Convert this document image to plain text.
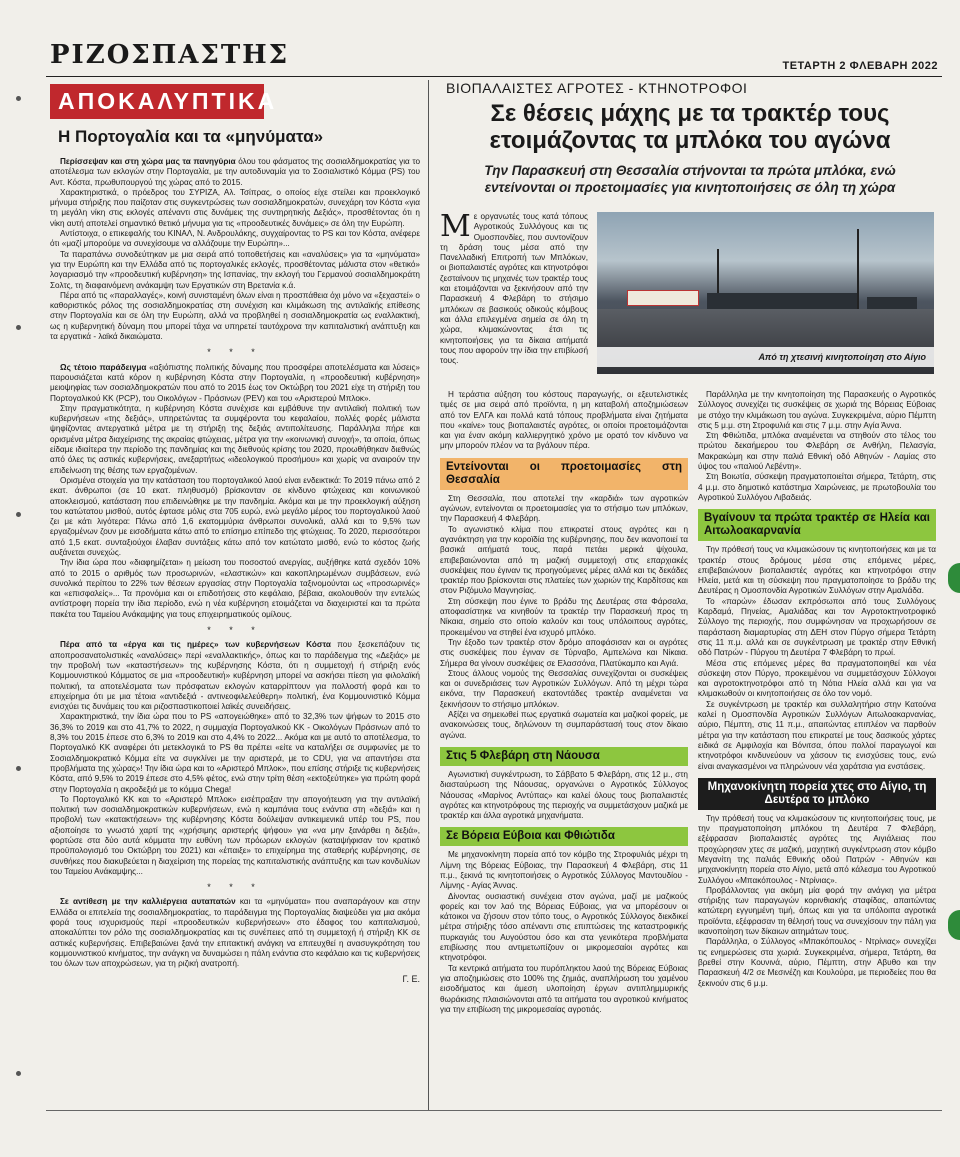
ΡΙΖΟΣΠΑΣΤΗΣ	ΤΕΤΑΡΤΗ 2 ΦΛΕΒΑΡΗ 2022
ΑΠΟΚΑΛΥΠΤΙΚΑ
Η Πορτογαλία και τα «μηνύματα»

Περίσσεψαν και στη χώρα μας τα πανηγύρια όλου του φάσματος της σοσιαλδημοκρατίας για το αποτέλεσμα των εκλογών στην Πορτογαλία, με την αυτοδυναμία για το Σοσιαλιστικό Κόμμα (PS) του Αντ. Κόστα, πρωθυπουργού της χώρας από το 2015.

Χαρακτηριστικά, ο πρόεδρος του ΣΥΡΙΖΑ, Αλ. Τσίπρας, ο οποίος είχε στείλει και προεκλογικό μήνυμα στήριξης που παίζοταν στις συγκεντρώσεις των σοσιαλδημοκρατών, συνεχάρη τον Κόστα «για τη μεγάλη νίκη στις εκλογές απέναντι στις δυνάμεις της συντηρητικής Δεξιάς», προσθέτοντας ότι η νίκη αυτή αποτελεί σημαντικό θετικό μήνυμα για τις «προοδευτικές δυνάμεις» σε όλη την Ευρώπη.

Αντίστοιχα, ο επικεφαλής του ΚΙΝΑΛ, Ν. Ανδρουλάκης, συγχαίροντας το PS και τον Κόστα, ανέφερε ότι «μαζί μπορούμε να συνεχίσουμε να αλλάζουμε την Ευρώπη»...

Τα παραπάνω συνοδεύτηκαν με μια σειρά από τοποθετήσεις και «αναλύσεις» για τα «μηνύματα» για την Ευρώπη και την Ελλάδα από τις πορτογαλικές εκλογές, προσθέτοντας μάλιστα στον «θετικό» λογαριασμό την «προοδευτική κυβέρνηση» της Ισπανίας, την εκλογή του Γερμανού σοσιαλδημοκράτη Σολτς, τη διαφαινόμενη ανάκαμψη των Εργατικών στη Βρετανία κ.ά.

Πέρα από τις «παραλλαγές», κοινή συνισταμένη όλων είναι η προσπάθεια όχι μόνο να «ξεχαστεί» ο καθοριστικός ρόλος της σοσιαλδημοκρατίας στη συνέχιση και κλιμάκωση της αντιλαϊκής επίθεσης στην Πορτογαλία και σε όλη την Ευρώπη, αλλά να προβληθεί η σοσιαλδημοκρατία ως εναλλακτική, ως η κυβερνητική δύναμη που μπορεί τάχα να υπηρετεί ταυτόχρονα την καπιταλιστική ανάπτυξη και τα εργατικά - λαϊκά δικαιώματα.

* * *

Ως τέτοιο παράδειγμα «αξιόπιστης πολιτικής δύναμης που προσφέρει αποτελέσματα και λύσεις» παρουσιάζεται κατά κόρον η κυβέρνηση Κόστα στην Πορτογαλία, η «προοδευτική κυβέρνηση» μειοψηφίας των σοσιαλδημοκρατών που από το 2015 έως τον Οκτώβρη του 2021 είχε τη στήριξη του Πορτογαλικού ΚΚ (PCP), του Οικολόγων - Πράσινων (PEV) και του «Αριστερού Μπλοκ».

Στην πραγματικότητα, η κυβέρνηση Κόστα συνέχισε και εμβάθυνε την αντιλαϊκή πολιτική των κυβερνήσεων «της δεξιάς», υπηρετώντας τα συμφέροντα του κεφαλαίου, πολλές φορές μάλιστα ψηφίζοντας αντεργατικά μέτρα με τη στήριξη της δεξιάς αντιπολίτευσης. Παράλληλα πήρε και ορισμένα μέτρα διαχείρισης της ακραίας φτώχειας, μέτρα για την «κοινωνική συνοχή», τα οποία, όπως είδαμε ιδιαίτερα την περίοδο της πανδημίας και της διεθνούς κρίσης του 2020, προωθήθηκαν διεθνώς από όλες τις αστικές κυβερνήσεις, ανεξαρτήτως «ιδεολογικού προσήμου» και χωρίς να αναιρούν την επιδείνωση της θέσης των εργαζομένων.

Ορισμένα στοιχεία για την κατάσταση του πορτογαλικού λαού είναι ενδεικτικά: Το 2019 πάνω από 2 εκατ. άνθρωποι (σε 10 εκατ. πληθυσμό) βρίσκονταν σε κίνδυνο φτώχειας και κοινωνικού αποκλεισμού, κατάσταση που επιδεινώθηκε με την πανδημία. Ακόμα και με την προεκλογική αύξηση του κατώτατου μισθού, αυτός έφτασε μόλις στα 705 ευρώ, ενώ μεγάλο μέρος του πορτογαλικού λαού ζει με κάτι λιγότερα: Πάνω από 1,6 εκατομμύρια άνθρωποι συνολικά, αλλά και το 9,5% των εργαζομένων ζουν με εισοδήματα κάτω από το επίσημο επίπεδο της φτώχειας. Το 2020, περισσότεροι από 1,5 εκατ. συνταξιούχοι έλαβαν συντάξεις κάτω από τον κατώτατο μισθό, ενώ το κόστος ζωής αυξάνεται συνεχώς.

Την ίδια ώρα που «διαφημίζεται» η μείωση του ποσοστού ανεργίας, αυξήθηκε κατά σχεδόν 10% από το 2015 ο αριθμός των προσωρινών, «ελαστικών» και κακοπληρωμένων συμβάσεων, ενώ συνολικά περίπου το 22% των θέσεων εργασίας στην Πορτογαλία ταξινομούνται ως «προσωρινές» και «επισφαλείς»... Τα προνόμια και οι επιδοτήσεις στο κεφάλαιο, βέβαια, ακολουθούν την εντελώς αντίστροφη πορεία την ίδια περίοδο, ενώ η νέα κυβέρνηση ετοιμάζεται να διαχειριστεί και τα πρώτα πακέτα του Ταμείου Ανάκαμψης για τους επιχειρηματικούς ομίλους.

* * *

Πέρα από τα «έργα και τις ημέρες» των κυβερνήσεων Κόστα που ξεσκεπάζουν τις αποπροσανατολιστικές «αναλύσεις» περί «εναλλακτικής», όπως και το παράδειγμα της «Δεξιάς» με την προβολή των «καταστήσεων» της κυβέρνησης Κόστα, ότι η συμμετοχή ή στήριξη ενός Κομμουνιστικού Κόμματος σε μια «προοδευτική» κυβέρνηση μπορεί να ασκήσει πίεση για φιλολαϊκή πολιτική, τα αποτελέσματα των πρόσφατων εκλογών καταρρίπτουν για πολλοστή φορά και το επιχείρημα ότι με μια τέτοια «αντιδεξιά - αντινεοφιλελεύθερη» πολιτική, ένα Κομμουνιστικό Κόμμα ενισχύει τις δυνάμεις του και ριζοσπαστικοποιεί λαϊκές συνειδήσεις.

Χαρακτηριστικά, την ίδια ώρα που το PS «απογειώθηκε» από το 32,3% των ψήφων το 2015 στο 36,3% το 2019 και στο 41,7% το 2022, η συμμαχία Πορτογαλικού ΚΚ - Οικολόγων Πράσινων από το 8,3% του 2015 έπεσε στο 6,3% το 2019 και στο 4,4% το 2022... Ακόμα και με αυτό το αποτέλεσμα, το Πορτογαλικό ΚΚ αναφέρει ότι μετεκλογικά το PS θα πρέπει «είτε να καταλήξει σε συμφωνίες με το Σοσιαλδημοκρατικό Κόμμα είτε να συγκλίνει με την αριστερά, με το CDU, για να απαντήσει στα προβλήματα της χώρας»! Την ίδια ώρα και το «Αριστερό Μπλοκ», που επίσης στήριξε τις κυβερνήσεις Κόστα, από 9,5% το 2019 έπεσε στο 4,5% φέτος, ενώ στην τρίτη θέση «εκτοξεύτηκε» για πρώτη φορά στην Πορτογαλία η ακροδεξιά με το κόμμα Chega!

Το Πορτογαλικό ΚΚ και το «Αριστερό Μπλοκ» εισέπραξαν την απογοήτευση για την αντιλαϊκή πολιτική των σοσιαλδημοκρατικών κυβερνήσεων, ενώ η καμπάνια τους ενάντια στη «δεξιά» και η προβολή των «κατακτήσεων» της κυβέρνησης Κόστα δούλεψαν αντικειμενικά υπέρ του PS, που αξιοποίησε το γνωστό χαρτί της «χρήσιμης αριστερής ψήφου» για «να μην ξανάρθει η δεξιά», φορτώσε στα δύο αυτά κόμματα την ευθύνη των πρόωρων εκλογών (καταψήφισαν τον κρατικό προϋπολογισμό του Οκτώβρη του 2021) και «έπαιξε» το επιχείρημα της σταθερής κυβέρνησης, σε συνθήκες που διακυβεύεται η διαχείριση της πορείας της καπιταλιστικής ανάπτυξης και των κονδυλίων του Ταμείου Ανάκαμψης...

* * *

Σε αντίθεση με την καλλιέργεια αυταπατών και τα «μηνύματα» που αναπαράγουν και στην Ελλάδα οι επιτελεία της σοσιαλδημοκρατίας, το παράδειγμα της Πορτογαλίας διαψεύδει για μια ακόμα φορά τους ισχυρισμούς περί «προοδευτικών κυβερνήσεων» στο έδαφος του καπιταλισμού, αποκαλύπτει τον ρόλο της σοσιαλδημοκρατίας και τις συνέπειες από τη συμμετοχή ή στήριξη ΚΚ σε αστικές κυβερνήσεις. Επιβεβαιώνει ξανά την επιτακτική ανάγκη να επιτευχθεί η ανασυγκρότηση του κομμουνιστικού κινήματος, την ανάγκη να δυναμώσει η πάλη ενάντια στο κεφάλαιο και τις κυβερνήσεις του όλων των αποχρώσεων, για τη ριζική ανατροπή.

Γ. Ε.
ΒΙΟΠΑΛΑΙΣΤΕΣ ΑΓΡΟΤΕΣ - ΚΤΗΝΟΤΡΟΦΟΙ
Σε θέσεις μάχης με τα τρακτέρ τους ετοιμάζοντας τα μπλόκα του αγώνα
Την Παρασκευή στη Θεσσαλία στήνονται τα πρώτα μπλόκα, ενώ εντείνονται οι προετοιμασίες για κινητοποιήσεις σε όλη τη χώρα
Από τη χτεσινή κινητοποίηση στο Αίγιο
Μ ε οργανωτές τους κατά τόπους Αγροτικούς Συλλόγους και τις Ομοσπονδίες, που συντονίζουν τη δράση τους μέσα από την Πανελλαδική Επιτροπή των Μπλόκων, οι βιοπαλαιστές αγρότες και κτηνοτρόφοι ζεσταίνουν τις μηχανές των τρακτέρ τους και ετοιμάζονται να ξεκινήσουν από την Παρασκευή 4 Φλεβάρη το στήσιμο μπλόκων σε βασικούς οδικούς κόμβους και άλλα επιλεγμένα σημεία σε όλη τη χώρα, κλιμακώνοντας έτσι τις κινητοποιήσεις για τα δίκαια αιτήματά τους που αφορούν την ίδια την επιβίωσή τους.

Η τεράστια αύξηση του κόστους παραγωγής, οι εξευτελιστικές τιμές σε μια σειρά από προϊόντα, η μη καταβολή αποζημιώσεων από τον ΕΛΓΑ και πολλά κατά τόπους προβλήματα είναι ζητήματα που «καίνε» τους βιοπαλαιστές αγρότες, οι οποίοι προετοιμάζονται και για έναν ακόμη καλλιεργητικό χρόνο με ορατό τον κίνδυνο να μην μπορούν πλέον να τα βγάλουν πέρα.

Εντείνονται οι προετοιμασίες στη Θεσσαλία

Στη Θεσσαλία, που αποτελεί την «καρδιά» των αγροτικών αγώνων, εντείνονται οι προετοιμασίες για το στήσιμο των μπλόκων, την Παρασκευή 4 Φλεβάρη.

Το αγωνιστικό κλίμα που επικρατεί στους αγρότες και η αγανάκτηση για την κοροϊδία της κυβέρνησης, που δεν ικανοποιεί τα βασικά αιτήματά τους, παρά πετάει μερικά ψίχουλα, επιβεβαιώνονται από τη μαζική συμμετοχή στις επαρχιακές συσκέψεις που έγιναν τις προηγούμενες μέρες αλλά και τις δεκάδες τρακτέρ που βρίσκονται στις πλατείες των χωριών της Καρδίτσας και στον Ριζόμυλο Μαγνησίας.

Στη σύσκεψη που έγινε το βράδυ της Δευτέρας στα Φάρσαλα, αποφασίστηκε να κινηθούν τα τρακτέρ την Παρασκευή προς τη Νίκαια, σημείο στο οποίο καλούν και τους υπόλοιπους αγρότες, προκειμένου να στηθεί ένα ισχυρό μπλόκο.

Την έξοδο των τρακτέρ στον δρόμο αποφάσισαν και οι αγρότες στις συσκέψεις που έγιναν σε Τύρναβο, Αμπελώνα και Νίκαια. Σήμερα θα γίνουν συσκέψεις σε Ελασσόνα, Πλατύκαμπο και Αγιά.

Στους άλλους νομούς της Θεσσαλίας συνεχίζονται οι συσκέψεις και οι συνεδριάσεις των Αγροτικών Συλλόγων. Από τη μέχρι τώρα εικόνα, την Παρασκευή εκατοντάδες τρακτέρ αναμένεται να ξεκινήσουν το στήσιμο μπλόκων.

Αξίζει να σημειωθεί πως εργατικά σωματεία και μαζικοί φορείς, με ανακοινώσεις τους, δηλώνουν τη συμπαράστασή τους στον δίκαιο αγώνα.

Στις 5 Φλεβάρη στη Νάουσα

Αγωνιστική συγκέντρωση, το Σάββατο 5 Φλεβάρη, στις 12 μ., στη διασταύρωση της Νάουσας, οργανώνει ο Αγροτικός Σύλλογος Νάουσας «Μαρίνος Αντύπας» και καλεί όλους τους βιοπαλαιστές αγρότες και κτηνοτρόφους της περιοχής να συμμετάσχουν μαζικά με τρακτέρ και άλλα αγροτικά μηχανήματα.

Σε Βόρεια Εύβοια και Φθιώτιδα

Με μηχανοκίνητη πορεία από τον κόμβο της Στροφυλιάς μέχρι τη Λίμνη της Βόρειας Εύβοιας, την Παρασκευή 4 Φλεβάρη, στις 11 π.μ., ξεκινά τις κινητοποιήσεις ο Αγροτικός Σύλλογος Μαντουδίου - Λίμνης - Αγίας Άννας.

Δίνοντας ουσιαστική συνέχεια στον αγώνα, μαζί με μαζικούς φορείς και τον λαό της Βόρειας Εύβοιας, για να μπορέσουν οι κάτοικοι να ζήσουν στον τόπο τους, ο Αγροτικός Σύλλογος διεκδικεί μέτρα στήριξης τόσο απέναντι στις επιπτώσεις της καταστροφικής πυρκαγιάς του Αυγούστου όσο και στα γενικότερα προβλήματα επιβίωσης που αντιμετωπίζουν οι μικρομεσαίοι αγρότες και κτηνοτρόφοι.

Τα κεντρικά αιτήματα του πυρόπληκτου λαού της Βόρειας Εύβοιας για αποζημιώσεις στο 100% της ζημιάς, αναπλήρωση του χαμένου εισοδήματος και άμεση υλοποίηση έργων αντιπλημμυρικής θωράκισης πλαισιώνονται από τα αιτήματα του αγροτικού κινήματος για την επιβίωση της μικρομεσαίας αγροτιάς.

Παράλληλα με την κινητοποίηση της Παρασκευής ο Αγροτικός Σύλλογος συνεχίζει τις συσκέψεις σε χωριά της Βόρειας Εύβοιας με στόχο την κλιμάκωση του αγώνα. Συγκεκριμένα, αύριο Πέμπτη στις 5 μ.μ. στη Στροφυλιά και στις 7 μ.μ. στην Αγία Άννα.

Στη Φθιώτιδα, μπλόκα αναμένεται να στηθούν στο τέλος του πρώτου δεκαήμερου του Φλεβάρη σε Ανθήλη, Πελασγία, Μακρακώμη και στην παλιά Εθνική οδό Αθηνών - Λαμίας στο ύψος του «παλιού Λεβέντη».

Στη Βοιωτία, σύσκεψη πραγματοποιείται σήμερα, Τετάρτη, στις 4 μ.μ. στο δημοτικό κατάστημα Χαιρώνειας, με πρωτοβουλία του Αγροτικού Συλλόγου Λιβαδειάς.

Βγαίνουν τα πρώτα τρακτέρ σε Ηλεία και Αιτωλοακαρνανία

Την πρόθεσή τους να κλιμακώσουν τις κινητοποιήσεις και με τα τρακτέρ στους δρόμους μέσα στις επόμενες μέρες, επιβεβαιώνουν βιοπαλαιστές αγρότες και κτηνοτρόφοι στην Ηλεία, μετά και τη σύσκεψη που πραγματοποίησε το βράδυ της Δευτέρας η Ομοσπονδία Αγροτικών Συλλόγων στην Αμαλιάδα.

Το «παρών» έδωσαν εκπρόσωποι από τους Συλλόγους Καρδαμά, Πηνείας, Αμαλιάδας και τον Αγροτοκτηνοτροφικό Σύλλογο της περιοχής, που συμφώνησαν να προχωρήσουν σε παράσταση διαμαρτυρίας στη ΔΕΗ στον Πύργο σήμερα Τετάρτη στις 11 π.μ. αλλά και σε συγκέντρωση με τρακτέρ στην Εθνική οδό Πατρών - Πύργου τη Δευτέρα 7 Φλεβάρη το πρωί.

Μέσα στις επόμενες μέρες θα πραγματοποιηθεί και νέα σύσκεψη στον Πύργο, προκειμένου να συμμετάσχουν Σύλλογοι και αγροτοκτηνοτρόφοι από τη Νότια Ηλεία αλλά και για να κλιμακωθούν οι κινητοποιήσεις σε όλο τον νομό.

Σε συγκέντρωση με τρακτέρ και συλλαλητήριο στην Κατούνα καλεί η Ομοσπονδία Αγροτικών Συλλόγων Αιτωλοακαρνανίας, αύριο, Πέμπτη, στις 11 π.μ., απαιτώντας επιπλέον να παρθούν μέτρα για την κατάσταση που επικρατεί με τους δασικούς χάρτες ειδικά σε Αμφιλοχία και Βόνιτσα, όπου πολλοί παραγωγοί και κτηνοτρόφοι κινδυνεύουν να χάσουν τις ενισχύσεις τους, ενώ είναι αναγκασμένοι να πληρώνουν νέα χαράτσια για ενστάσεις.

Μηχανοκίνητη πορεία χτες στο Αίγιο, τη Δευτέρα το μπλόκο

Την πρόθεσή τους να κλιμακώσουν τις κινητοποιήσεις τους, με την πραγματοποίηση μπλόκου τη Δευτέρα 7 Φλεβάρη, εξέφρασαν βιοπαλαιστές αγρότες της Αιγιάλειας που προχώρησαν χτες σε μαζική, μαχητική συγκέντρωση στον κόμβο Μεγανίτη της παλιάς Εθνικής οδού Πατρών - Αθηνών και μηχανοκίνητη πορεία στο Αίγιο, μετά από κάλεσμα του Αγροτικού Συλλόγου «Μπακόπουλος - Ντρίνιας».

Προβάλλοντας για ακόμη μία φορά την ανάγκη για μέτρα στήριξης των παραγωγών κορινθιακής σταφίδας, απαιτώντας κατώτερη εγγυημένη τιμή, όπως και για τα υπόλοιπα αγροτικά προϊόντα, εξέφρασαν τη θέλησή τους να συνεχίσουν την πάλη για ικανοποίηση των δίκαιων αιτημάτων τους.

Παράλληλα, ο Σύλλογος «Μπακόπουλος - Ντρίνιας» συνεχίζει τις ενημερώσεις στα χωριά. Συγκεκριμένα, σήμερα, Τετάρτη, θα βρεθεί στην Κουνινά, αύριο, Πέμπτη, στην Αβυθο και την Παρασκευή 4/2 σε Μεσινέζη και Κουλούρα, με περιοδείες που θα ξεκινούν στις 6 μ.μ.
